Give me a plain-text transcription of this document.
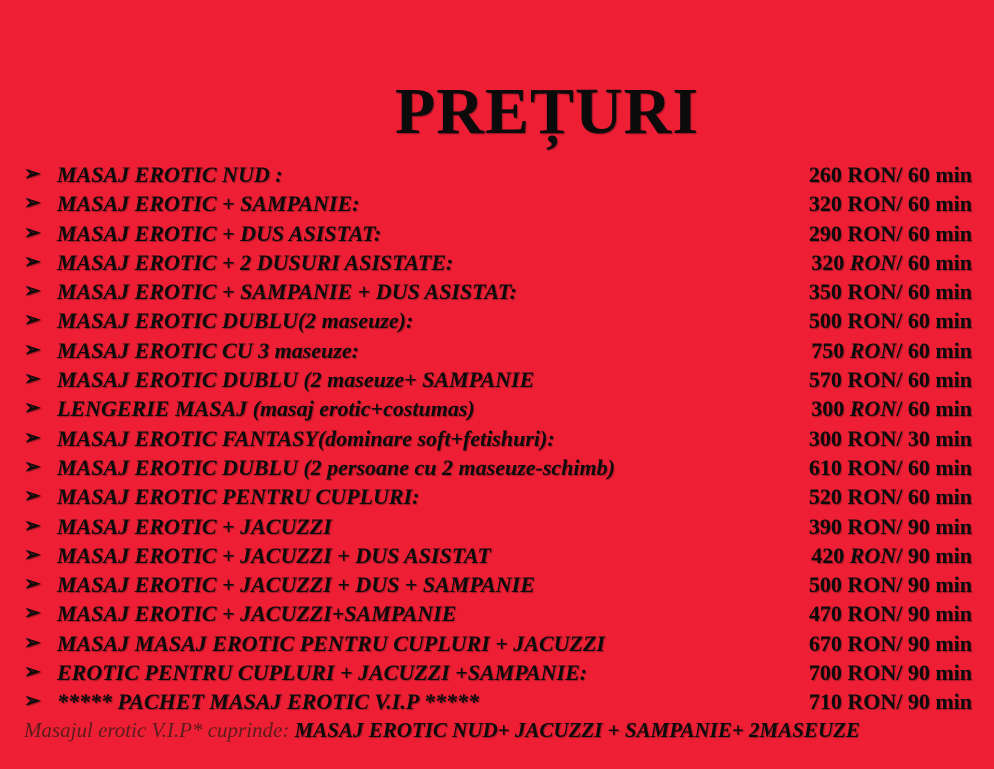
PREȚURI
➢ MASAJ EROTIC NUD :	260 RON/ 60 min
➢ MASAJ EROTIC + SAMPANIE:	320 RON/ 60 min
➢ MASAJ EROTIC + DUS ASISTAT:	290 RON/ 60 min
➢ MASAJ EROTIC + 2 DUSURI ASISTATE:	320 RON/ 60 min
➢ MASAJ EROTIC + SAMPANIE + DUS ASISTAT:	350 RON/ 60 min
➢ MASAJ EROTIC DUBLU(2 maseuze):	500 RON/ 60 min
➢ MASAJ EROTIC CU 3 maseuze:	750 RON/ 60 min
➢ MASAJ EROTIC DUBLU (2 maseuze+ SAMPANIE	570 RON/ 60 min
➢ LENGERIE MASAJ (masaj erotic+costumas)	300 RON/ 60 min
➢ MASAJ EROTIC FANTASY(dominare soft+fetishuri):	300 RON/ 30 min
➢ MASAJ EROTIC DUBLU (2 persoane cu 2 maseuze-schimb)	610 RON/ 60 min
➢ MASAJ EROTIC PENTRU CUPLURI:	520 RON/ 60 min
➢ MASAJ EROTIC + JACUZZI	390 RON/ 90 min
➢ MASAJ EROTIC + JACUZZI + DUS ASISTAT	420 RON/ 90 min
➢ MASAJ EROTIC + JACUZZI + DUS + SAMPANIE	500 RON/ 90 min
➢ MASAJ EROTIC + JACUZZI+SAMPANIE	470 RON/ 90 min
➢ MASAJ MASAJ EROTIC PENTRU CUPLURI + JACUZZI	670 RON/ 90 min
➢ EROTIC PENTRU CUPLURI + JACUZZI +SAMPANIE:	700 RON/ 90 min
➢ ***** PACHET MASAJ EROTIC V.I.P *****	710 RON/ 90 min
Masajul erotic V.I.P* cuprinde: MASAJ EROTIC NUD+ JACUZZI + SAMPANIE+ 2MASEUZE
